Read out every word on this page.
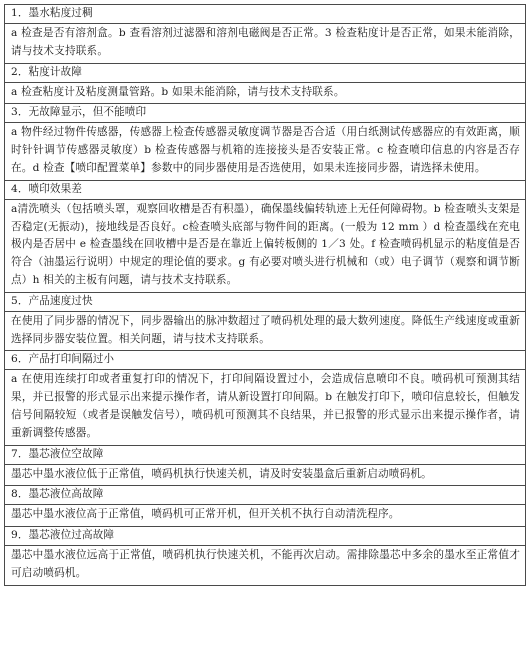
1．墨水粘度过稠

a 检查是否有溶剂盒。b 查看溶剂过滤器和溶剂电磁阀是否正常。3 检查粘度计是否正常，如果未能消除，请与技术支持联系。

2．粘度计故障

a 检查粘度计及粘度测量管路。b 如果未能消除，请与技术支持联系。

3．无故障显示，但不能喷印

a 物件经过物件传感器，传感器上检查传感器灵敏度调节器是否合适（用白纸测试传感器应的有效距离，顺时针针调节传感器灵敏度）b 检查传感器与机箱的连接接头是否安装正常。c 检查喷印信息的内容是否存在。d 检查【喷印配置菜单】参数中的同步器使用是否选使用，如果未连接同步器，请选择未使用。

4．喷印效果差

a清洗喷头（包括喷头罩，观察回收槽是否有积墨），确保墨线偏转轨迹上无任何障碍物。b 检查喷头支架是否稳定(无振动)，接地线是否良好。c检查喷头底部与物件间的距离。(一般为 12 mm ）d 检查墨线在充电极内是否居中 e 检查墨线在回收槽中是否是在靠近上偏转板侧的 1／3 处。f 检查喷码机显示的粘度值是否符合（油墨运行说明）中规定的理论值的要求。g 有必要对喷头进行机械和（或）电子调节（观察和调节断点）h 相关的主板有问题，请与技术支持联系。

5．产品速度过快

在使用了同步器的情况下，同步器输出的脉冲数超过了喷码机处理的最大数列速度。降低生产线速度或重新选择同步器安装位置。相关问题，请与技术支持联系。

6．产品打印间隔过小

a 在使用连续打印或者重复打印的情况下，打印间隔设置过小，会造成信息喷印不良。喷码机可预测其结果，并已报警的形式显示出来提示操作者，请从新设置打印间隔。b 在触发打印下，喷印信息较长，但触发信号间隔较短（或者是误触发信号），喷码机可预测其不良结果，并已报警的形式显示出来提示操作者，请重新调整传感器。

7．墨芯液位空故障

墨芯中墨水液位低于正常值，喷码机执行快速关机，请及时安装墨盒后重新启动喷码机。

8．墨芯液位高故障

墨芯中墨水液位高于正常值，喷码机可正常开机，但开关机不执行自动清洗程序。

9．墨芯液位过高故障

墨芯中墨水液位远高于正常值，喷码机执行快速关机，不能再次启动。需排除墨芯中多余的墨水至正常值才可启动喷码机。
